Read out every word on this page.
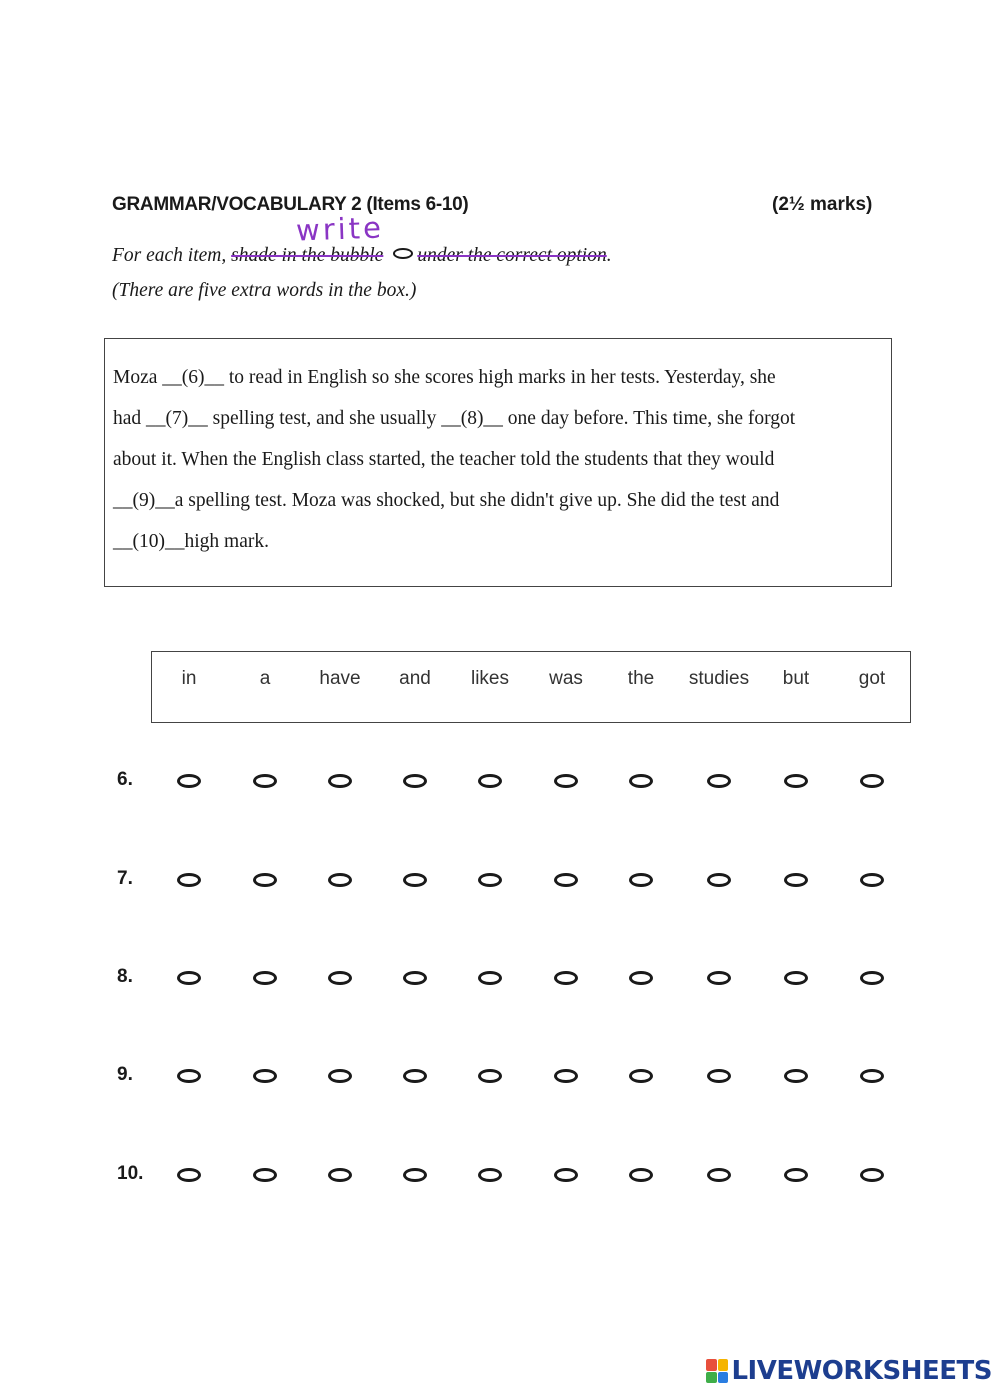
GRAMMAR/VOCABULARY 2 (Items 6-10)	(2½ marks)
write
For each item, shade in the bubble under the correct option.
(There are five extra words in the box.)
Moza __(6)__ to read in English so she scores high marks in her tests. Yesterday, she
had __(7)__ spelling test, and she usually __(8)__ one day before. This time, she forgot
about it. When the English class started, the teacher told the students that they would
__(9)__a spelling test. Moza was shocked, but she didn't give up. She did the test and
__(10)__high mark.
in	a	have and likes was the studies but	got
6.
7.
8.
9.
10.
LIVEWORKSHEETS
